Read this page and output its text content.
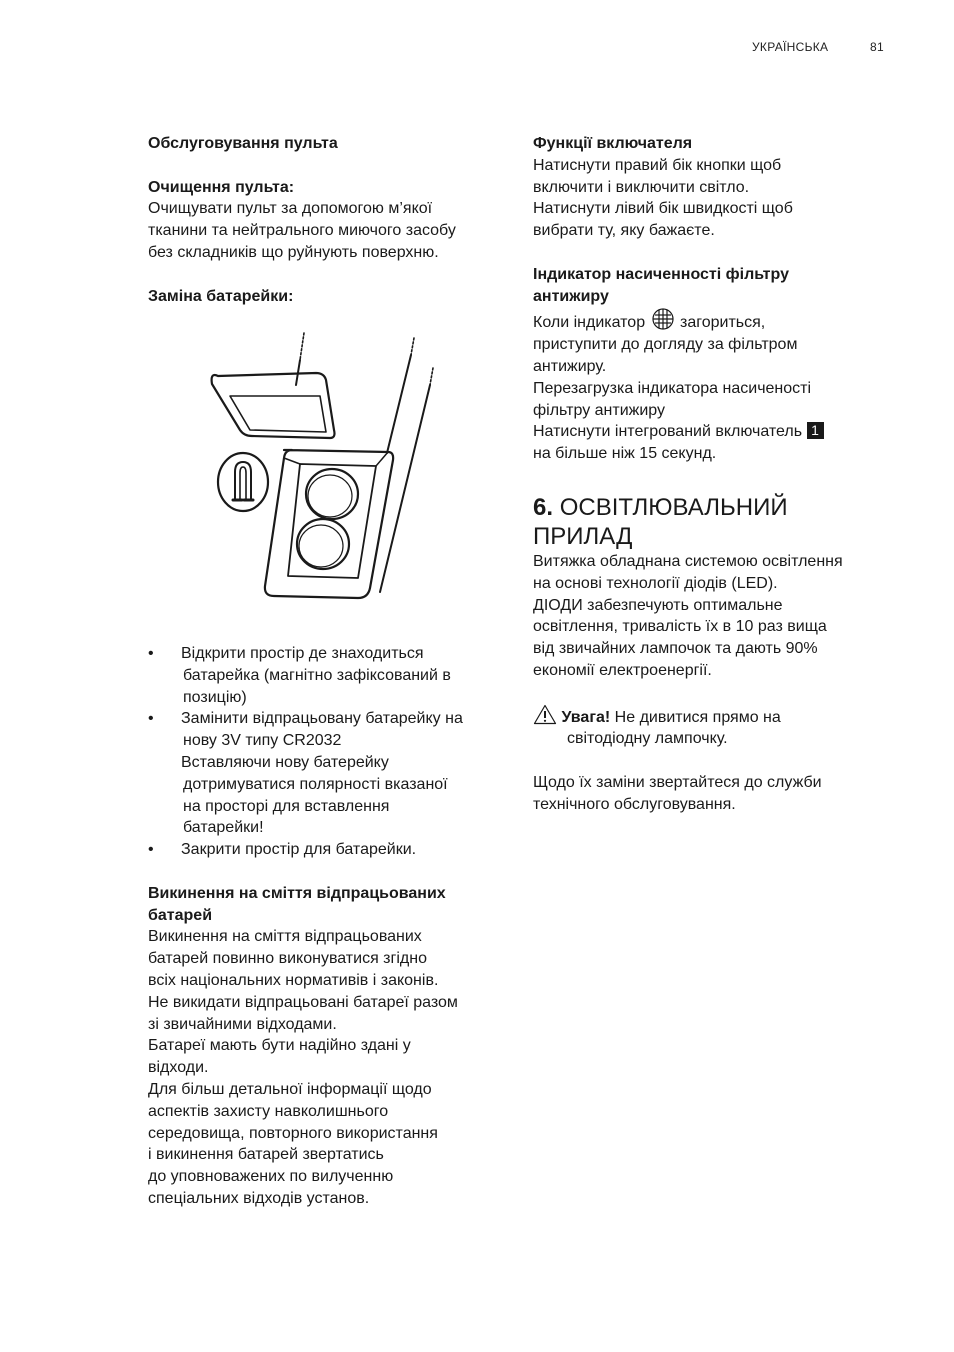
УКРАЇНСЬКА	81

Обслуговування пульта

Очищення пульта:

Очищувати пульт за допомогою м’якої

тканини та нейтрального миючого засобу

без складників що руйнують поверхню.

Заміна батарейки:

• Відкрити простір де знаходиться
батарейка (магнітно зафіксований в
позицію)
• Замінити відпрацьовану батарейку на
нову 3V типу CR2032
Вставляючи нову батерейку
дотримуватися полярності вказаної
на просторі для вставлення
батарейки!
• Закрити простір для батарейки.

Викинення на сміття відпрацьованих

батарей

Викинення на сміття відпрацьованих

батарей повинно виконуватися згідно

всіх національних нормативів і законів.

Не викидати відпрацьовані батареї разом

зі звичайними відходами.

Батареї мають бути надійно здані у

відходи.

Для більш детальної інформації щодо

аспектів захисту навколишнього

середовища, повторного використання

і викинення батарей звертатись

до уповноважених по вилученню

спеціальних відходів установ.

Функції включателя

Натиснути правий бік кнопки щоб

включити і виключити світло.

Натиснути лівий бік швидкості щоб

вибрати ту, яку бажаєте.

Індикатор насиченності фільтру

антижиру

Коли індикатор загориться,

приступити до догляду за фільтром

антижиру.

Перезагрузка індикатора насиченості

фільтру антижиру

Натиснути інтегрований включатель 1

на більше ніж 15 секунд.

6. ОСВІТЛЮВАЛЬНИЙ

ПРИЛАД

Витяжка обладнана системою освітлення

на основі технології діодів (LED).

ДІОДИ забезпечують оптимальне

освітлення, тривалість їх в 10 раз вища

від звичайних лампочок та дають 90%

економії електроенергії.

Увага! Не дивитися прямо на

світодіодну лампочку.

Щодо їх заміни звертайтеся до служби

технічного обслуговування.
